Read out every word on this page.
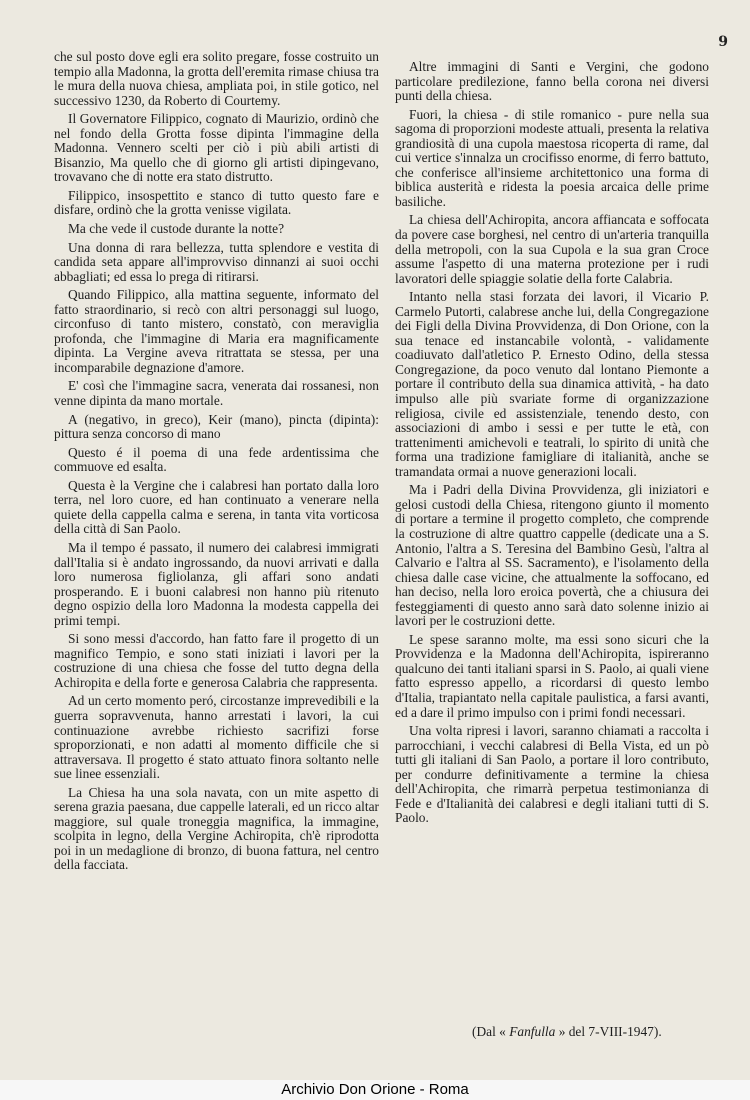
9

che sul posto dove egli era solito pregare, fosse costruito un tempio alla Madonna, la grotta dell'eremita rimase chiusa tra le mura della nuova chiesa, ampliata poi, in stile gotico, nel successivo 1230, da Roberto di Courtemy.

Il Governatore Filippico, cognato di Maurizio, ordinò che nel fondo della Grotta fosse dipinta l'immagine della Madonna. Vennero scelti per ciò i più abili artisti di Bisanzio, Ma quello che di giorno gli artisti dipingevano, trovavano che di notte era stato distrutto.

Filippico, insospettito e stanco di tutto questo fare e disfare, ordinò che la grotta venisse vigilata.

Ma che vede il custode durante la notte?

Una donna di rara bellezza, tutta splendore e vestita di candida seta appare all'improvviso dinnanzi ai suoi occhi abbagliati; ed essa lo prega di ritirarsi.

Quando Filippico, alla mattina seguente, informato del fatto straordinario, si recò con altri personaggi sul luogo, circonfuso di tanto mistero, constatò, con meraviglia profonda, che l'immagine di Maria era magnificamente dipinta. La Vergine aveva ritrattata se stessa, per una incomparabile degnazione d'amore.

E' così che l'immagine sacra, venerata dai rossanesi, non venne dipinta da mano mortale.

A (negativo, in greco), Keir (mano), pincta (dipinta): pittura senza concorso di mano

Questo é il poema di una fede ardentissima che commuove ed esalta.

Questa è la Vergine che i calabresi han portato dalla loro terra, nel loro cuore, ed han continuato a venerare nella quiete della cappella calma e serena, in tanta vita vorticosa della città di San Paolo.

Ma il tempo é passato, il numero dei calabresi immigrati dall'Italia si è andato ingrossando, da nuovi arrivati e dalla loro numerosa figliolanza, gli affari sono andati prosperando. E i buoni calabresi non hanno più ritenuto degno ospizio della loro Madonna la modesta cappella dei primi tempi.

Si sono messi d'accordo, han fatto fare il progetto di un magnifico Tempio, e sono stati iniziati i lavori per la costruzione di una chiesa che fosse del tutto degna della Achiropita e della forte e generosa Calabria che rappresenta.

Ad un certo momento peró, circostanze imprevedibili e la guerra sopravvenuta, hanno arrestati i lavori, la cui continuazione avrebbe richiesto sacrifizi forse sproporzionati, e non adatti al momento difficile che si attraversava. Il progetto é stato attuato finora soltanto nelle sue linee essenziali.

La Chiesa ha una sola navata, con un mite aspetto di serena grazia paesana, due cappelle laterali, ed un ricco altar maggiore, sul quale troneggia magnifica, la immagine, scolpita in legno, della Vergine Achiropita, ch'è riprodotta poi in un medaglione di bronzo, di buona fattura, nel centro della facciata.

Altre immagini di Santi e Vergini, che godono particolare predilezione, fanno bella corona nei diversi punti della chiesa.

Fuori, la chiesa - di stile romanico - pure nella sua sagoma di proporzioni modeste attuali, presenta la relativa grandiosità di una cupola maestosa ricoperta di rame, dal cui vertice s'innalza un crocifisso enorme, di ferro battuto, che conferisce all'insieme architettonico una forma di biblica austerità e ridesta la poesia arcaica delle prime basiliche.

La chiesa dell'Achiropita, ancora affiancata e soffocata da povere case borghesi, nel centro di un'arteria tranquilla della metropoli, con la sua Cupola e la sua gran Croce assume l'aspetto di una materna protezione per i rudi lavoratori delle spiaggie solatie della forte Calabria.

Intanto nella stasi forzata dei lavori, il Vicario P. Carmelo Putorti, calabrese anche lui, della Congregazione dei Figli della Divina Provvidenza, di Don Orione, con la sua tenace ed instancabile volontà, - validamente coadiuvato dall'atletico P. Ernesto Odino, della stessa Congregazione, da poco venuto dal lontano Piemonte a portare il contributo della sua dinamica attività, - ha dato impulso alle più svariate forme di organizzazione religiosa, civile ed assistenziale, tenendo desto, con associazioni di ambo i sessi e per tutte le età, con trattenimenti amichevoli e teatrali, lo spirito di unità che forma una tradizione famigliare di italianità, anche se tramandata ormai a nuove generazioni locali.

Ma i Padri della Divina Provvidenza, gli iniziatori e gelosi custodi della Chiesa, ritengono giunto il momento di portare a termine il progetto completo, che comprende la costruzione di altre quattro cappelle (dedicate una a S. Antonio, l'altra a S. Teresina del Bambino Gesù, l'altra al Calvario e l'altra al SS. Sacramento), e l'isolamento della chiesa dalle case vicine, che attualmente la soffocano, ed han deciso, nella loro eroica povertà, che a chiusura dei festeggiamenti di questo anno sarà dato solenne inizio ai lavori per le costruzioni dette.

Le spese saranno molte, ma essi sono sicuri che la Provvidenza e la Madonna dell'Achiropita, ispireranno qualcuno dei tanti italiani sparsi in S. Paolo, ai quali viene fatto espresso appello, a ricordarsi di questo lembo d'Italia, trapiantato nella capitale paulistica, a farsi avanti, ed a dare il primo impulso con i primi fondi necessari.

Una volta ripresi i lavori, saranno chiamati a raccolta i parrocchiani, i vecchi calabresi di Bella Vista, ed un pò tutti gli italiani di San Paolo, a portare il loro contributo, per condurre definitivamente a termine la chiesa dell'Achiropita, che rimarrà perpetua testimonianza di Fede e d'Italianità dei calabresi e degli italiani tutti di S. Paolo.

(Dal « Fanfulla » del 7-VIII-1947).
Archivio Don Orione - Roma
